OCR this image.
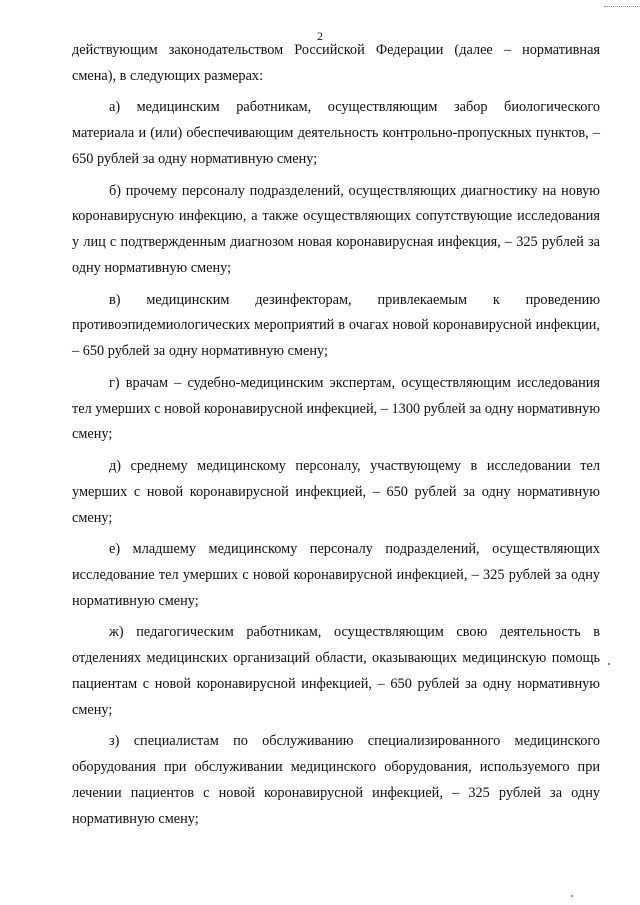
2

действующим законодательством Российской Федерации (далее – нормативная смена), в следующих размерах:

а) медицинским работникам, осуществляющим забор биологического материала и (или) обеспечивающим деятельность контрольно-пропускных пунктов, – 650 рублей за одну нормативную смену;

б) прочему персоналу подразделений, осуществляющих диагностику на новую коронавирусную инфекцию, а также осуществляющих сопутствующие исследования у лиц с подтвержденным диагнозом новая коронавирусная инфекция, – 325 рублей за одну нормативную смену;

в) медицинским дезинфекторам, привлекаемым к проведению противоэпидемиологических мероприятий в очагах новой коронавирусной инфекции, – 650 рублей за одну нормативную смену;

г) врачам – судебно-медицинским экспертам, осуществляющим исследования тел умерших с новой коронавирусной инфекцией, – 1300 рублей за одну нормативную смену;

д) среднему медицинскому персоналу, участвующему в исследовании тел умерших с новой коронавирусной инфекцией, – 650 рублей за одну нормативную смену;

е) младшему медицинскому персоналу подразделений, осуществляющих исследование тел умерших с новой коронавирусной инфекцией, – 325 рублей за одну нормативную смену;

ж) педагогическим работникам, осуществляющим свою деятельность в отделениях медицинских организаций области, оказывающих медицинскую помощь пациентам с новой коронавирусной инфекцией, – 650 рублей за одну нормативную смену;

з) специалистам по обслуживанию специализированного медицинского оборудования при обслуживании медицинского оборудования, используемого при лечении пациентов с новой коронавирусной инфекцией, – 325 рублей за одну нормативную смену;
